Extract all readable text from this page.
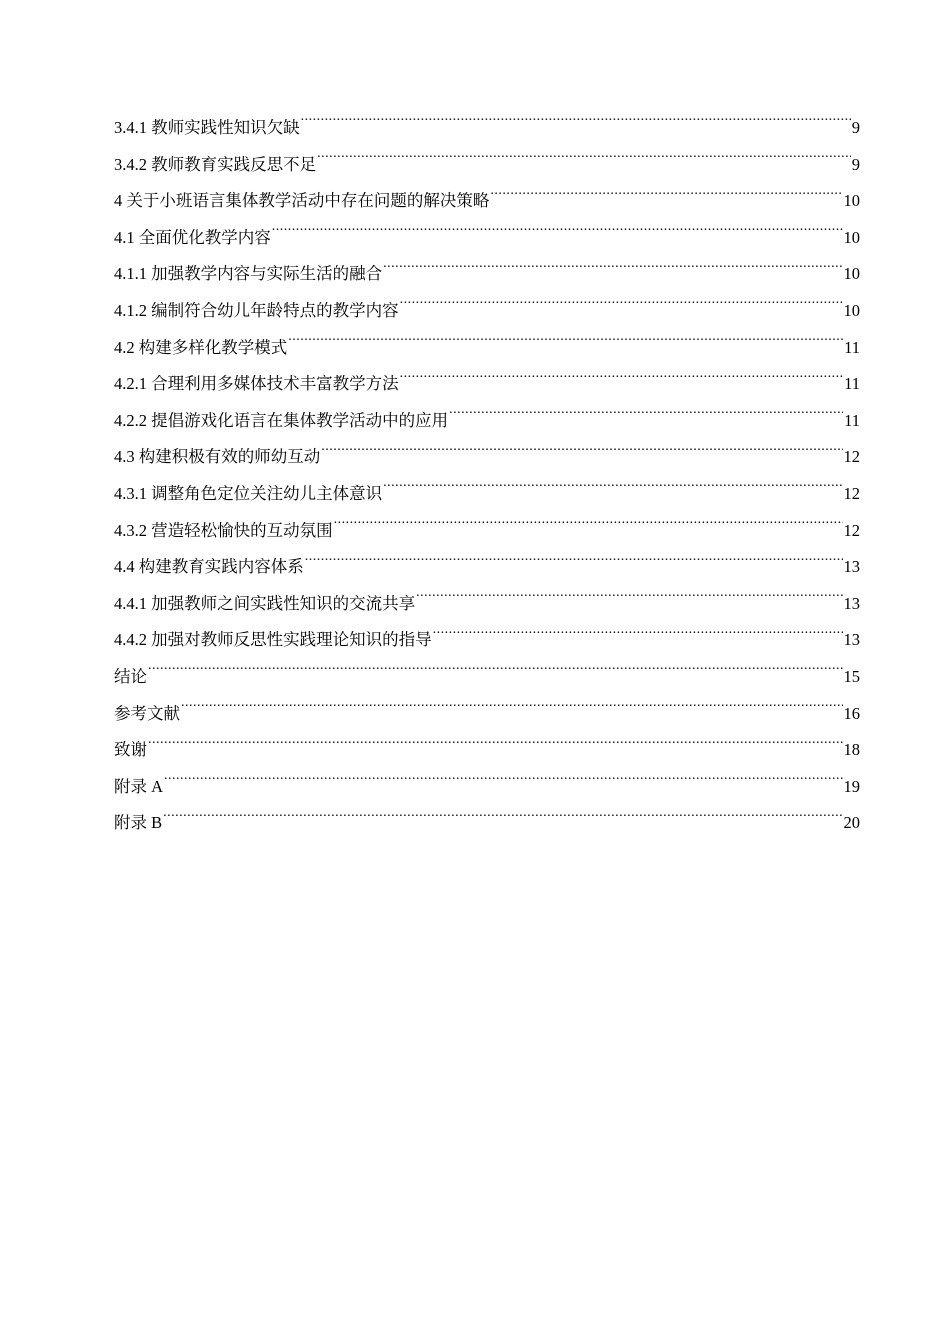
3.4.1 教师实践性知识欠缺 .....	9
3.4.2 教师教育实践反思不足 .....	9
4 关于小班语言集体教学活动中存在问题的解决策略 .....	10
4.1 全面优化教学内容 .....	10
4.1.1 加强教学内容与实际生活的融合 .....	10
4.1.2 编制符合幼儿年龄特点的教学内容 .....	10
4.2 构建多样化教学模式 .....	11
4.2.1 合理利用多媒体技术丰富教学方法 .....	11
4.2.2 提倡游戏化语言在集体教学活动中的应用 .....	11
4.3 构建积极有效的师幼互动 .....	12
4.3.1 调整角色定位关注幼儿主体意识 .....	12
4.3.2 营造轻松愉快的互动氛围 .....	12
4.4 构建教育实践内容体系 .....	13
4.4.1 加强教师之间实践性知识的交流共享 .....	13
4.4.2 加强对教师反思性实践理论知识的指导 .....	13
结论 .....	15
参考文献 .....	16
致谢 .....	18
附录 A .....	19
附录 B .....	20
